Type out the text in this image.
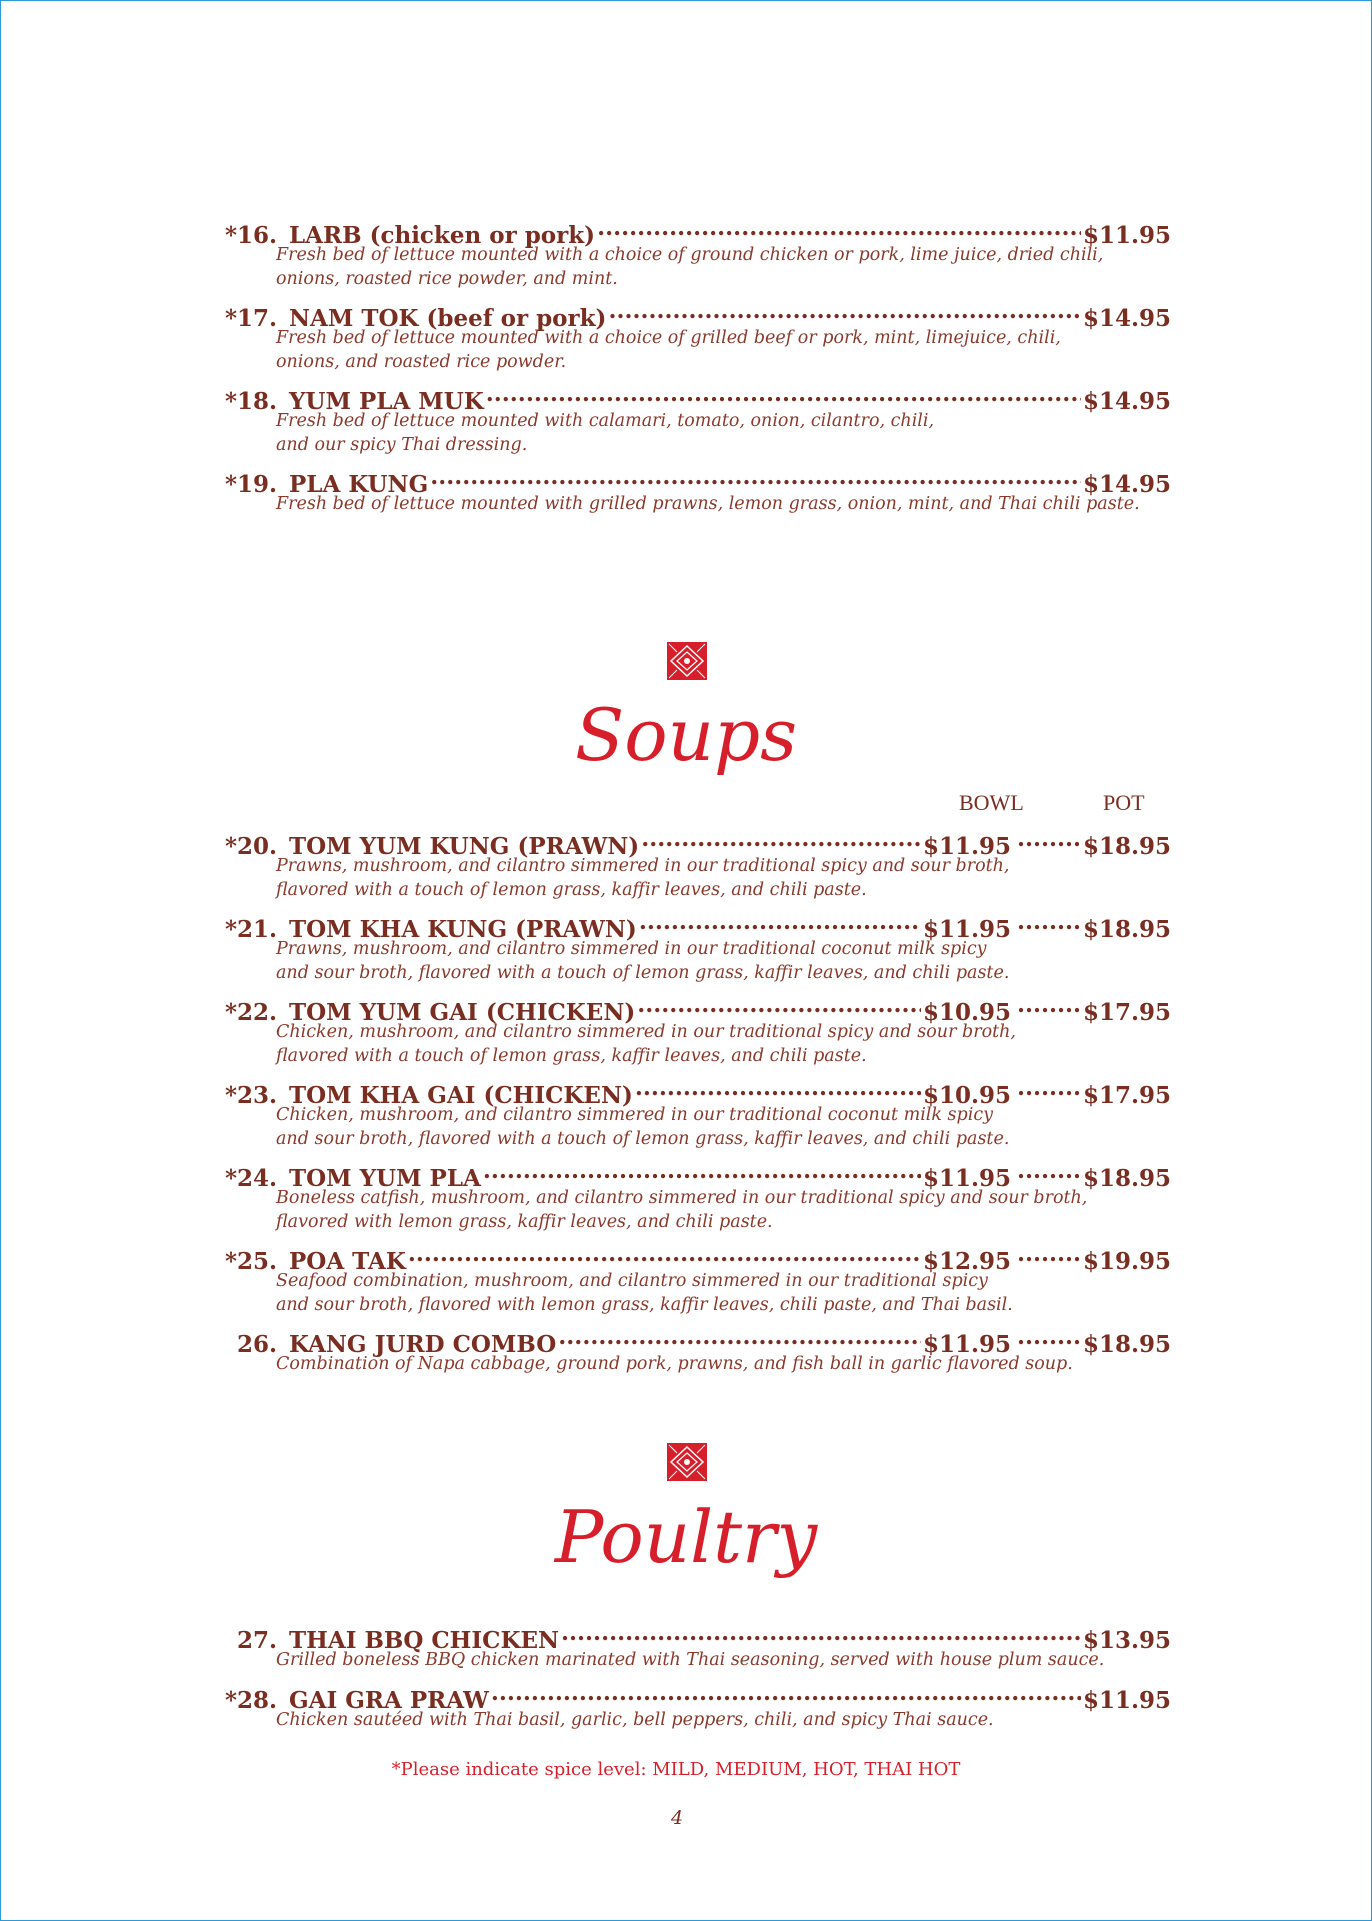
*16. LARB (chicken or pork) .....	$11.95
Fresh bed of lettuce mounted with a choice of ground chicken or pork, lime juice, dried chili,
onions, roasted rice powder, and mint.
*17. NAM TOK (beef or pork) .....	$14.95
Fresh bed of lettuce mounted with a choice of grilled beef or pork, mint, limejuice, chili,
onions, and roasted rice powder.
*18. YUM PLA MUK .....	$14.95
Fresh bed of lettuce mounted with calamari, tomato, onion, cilantro, chili,
and our spicy Thai dressing.
*19. PLA KUNG .....	$14.95
Fresh bed of lettuce mounted with grilled prawns, lemon grass, onion, mint, and Thai chili paste.
Soups
BOWL	POT
*20. TOM YUM KUNG (PRAWN) .....	$11.95 .....	$18.95
Prawns, mushroom, and cilantro simmered in our traditional spicy and sour broth,
flavored with a touch of lemon grass, kaffir leaves, and chili paste.
*21. TOM KHA KUNG (PRAWN) .....	$11.95 .....	$18.95
Prawns, mushroom, and cilantro simmered in our traditional coconut milk spicy
and sour broth, flavored with a touch of lemon grass, kaffir leaves, and chili paste.
*22. TOM YUM GAI (CHICKEN) .....	$10.95 .....	$17.95
Chicken, mushroom, and cilantro simmered in our traditional spicy and sour broth,
flavored with a touch of lemon grass, kaffir leaves, and chili paste.
*23. TOM KHA GAI (CHICKEN) .....	$10.95 .....	$17.95
Chicken, mushroom, and cilantro simmered in our traditional coconut milk spicy
and sour broth, flavored with a touch of lemon grass, kaffir leaves, and chili paste.
*24. TOM YUM PLA .....	$11.95 .....	$18.95
Boneless catfish, mushroom, and cilantro simmered in our traditional spicy and sour broth,
flavored with lemon grass, kaffir leaves, and chili paste.
*25. POA TAK .....	$12.95 .....	$19.95
Seafood combination, mushroom, and cilantro simmered in our traditional spicy
and sour broth, flavored with lemon grass, kaffir leaves, chili paste, and Thai basil.
26. KANG JURD COMBO .....	$11.95 .....	$18.95
Combination of Napa cabbage, ground pork, prawns, and fish ball in garlic flavored soup.
Poultry
27. THAI BBQ CHICKEN .....	$13.95
Grilled boneless BBQ chicken marinated with Thai seasoning, served with house plum sauce.
*28. GAI GRA PRAW .....	$11.95
Chicken sautéed with Thai basil, garlic, bell peppers, chili, and spicy Thai sauce.
*Please indicate spice level: MILD, MEDIUM, HOT, THAI HOT
4
